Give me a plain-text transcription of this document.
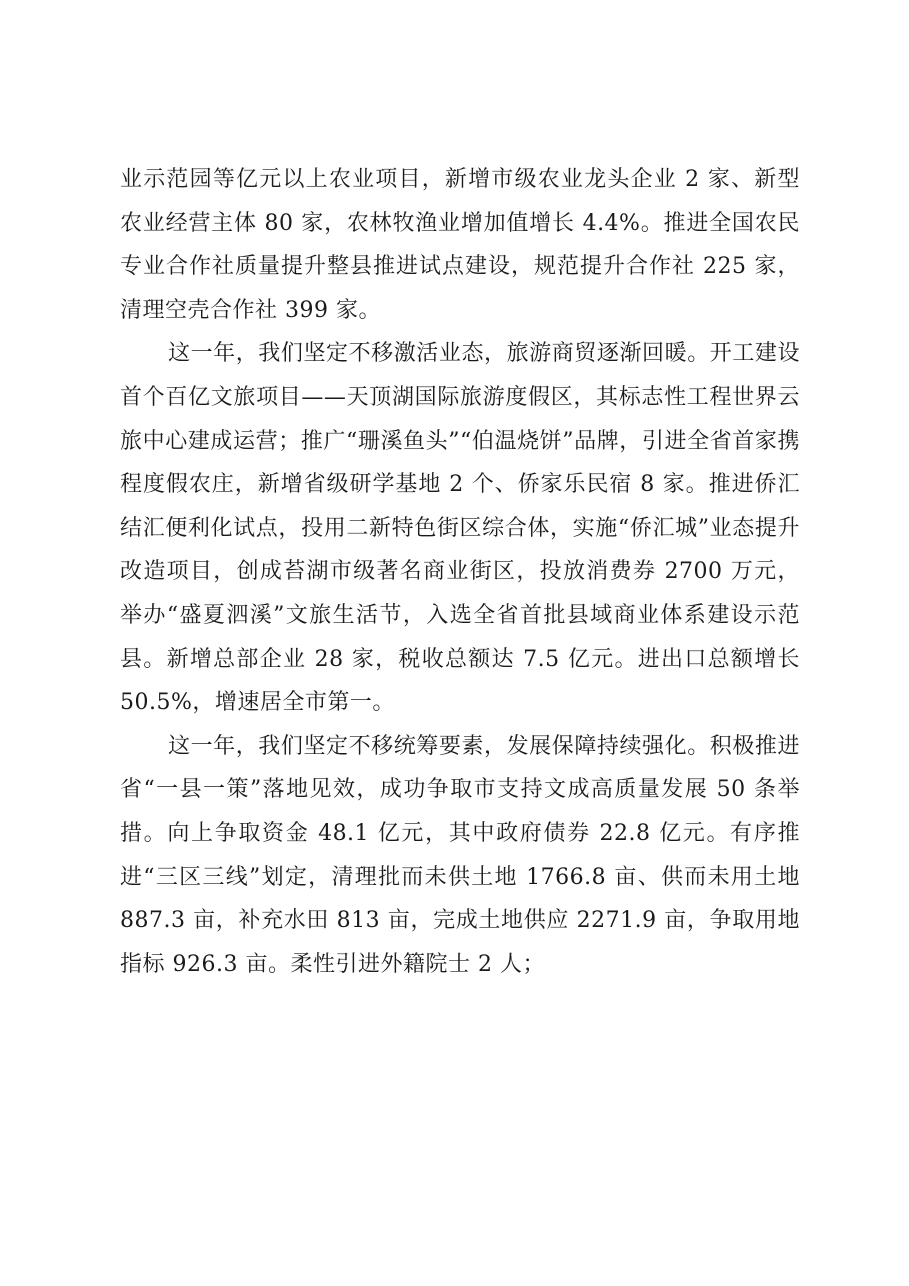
业示范园等亿元以上农业项目，新增市级农业龙头企业 2 家、新型农业经营主体 80 家，农林牧渔业增加值增长 4.4%。推进全国农民专业合作社质量提升整县推进试点建设，规范提升合作社 225 家，清理空壳合作社 399 家。

这一年，我们坚定不移激活业态，旅游商贸逐渐回暖。开工建设首个百亿文旅项目——天顶湖国际旅游度假区，其标志性工程世界云旅中心建成运营；推广“珊溪鱼头”“伯温烧饼”品牌，引进全省首家携程度假农庄，新增省级研学基地 2 个、侨家乐民宿 8 家。推进侨汇结汇便利化试点，投用二新特色街区综合体，实施“侨汇城”业态提升改造项目，创成苔湖市级著名商业街区，投放消费券 2700 万元，举办“盛夏泗溪”文旅生活节，入选全省首批县域商业体系建设示范县。新增总部企业 28 家，税收总额达 7.5 亿元。进出口总额增长 50.5%，增速居全市第一。

这一年，我们坚定不移统筹要素，发展保障持续强化。积极推进省“一县一策”落地见效，成功争取市支持文成高质量发展 50 条举措。向上争取资金 48.1 亿元，其中政府债券 22.8 亿元。有序推进“三区三线”划定，清理批而未供土地 1766.8 亩、供而未用土地 887.3 亩，补充水田 813 亩，完成土地供应 2271.9 亩，争取用地指标 926.3 亩。柔性引进外籍院士 2 人；
